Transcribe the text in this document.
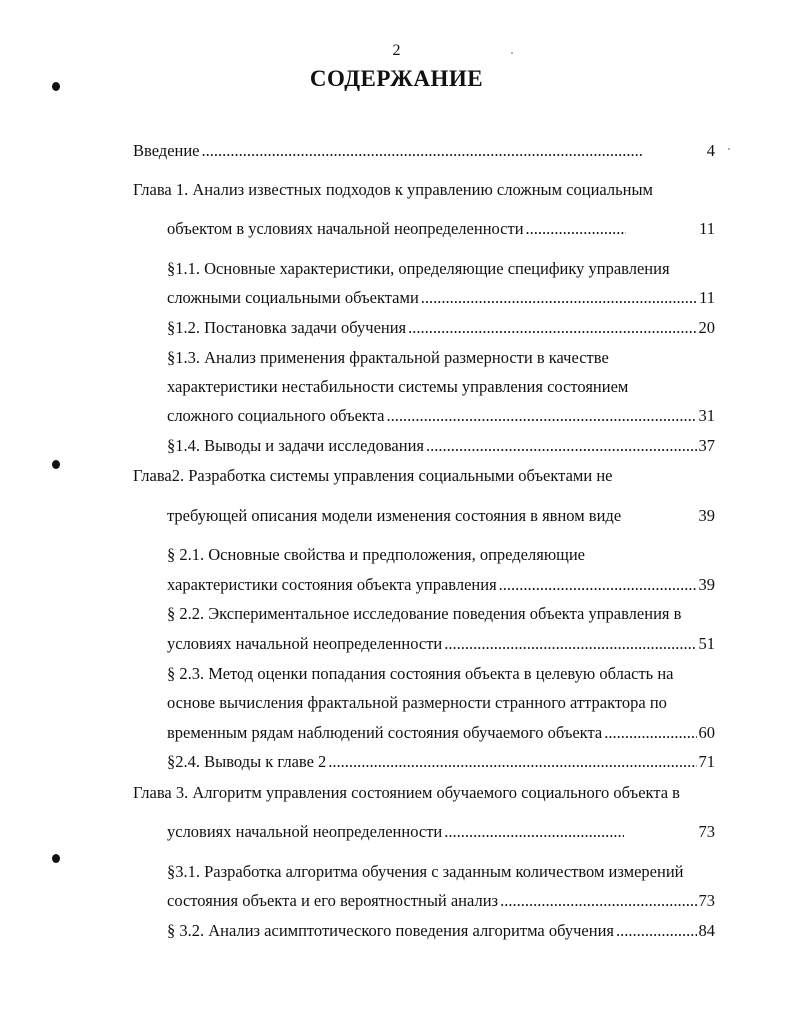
2
СОДЕРЖАНИЕ
Введение .....	4
Глава 1. Анализ известных подходов к управлению сложным социальным
объектом в условиях начальной неопределенности .....	11
§1.1. Основные характеристики, определяющие специфику управления
сложными социальными объектами .....	11
§1.2. Постановка задачи обучения .....	20
§1.3. Анализ применения фрактальной размерности в качестве
характеристики нестабильности системы управления состоянием
сложного социального объекта .....	31
§1.4. Выводы и задачи исследования .....	37
Глава2. Разработка системы управления социальными объектами не
требующей описания модели изменения состояния в явном виде	39
§ 2.1. Основные свойства и предположения, определяющие
характеристики состояния объекта управления .....	39
§ 2.2. Экспериментальное исследование поведения объекта управления в
условиях начальной неопределенности .....	51
§ 2.3. Метод оценки попадания состояния объекта в целевую область на
основе вычисления фрактальной размерности странного аттрактора по
временным рядам наблюдений состояния обучаемого объекта .....	60
§2.4. Выводы к главе 2 .....	71
Глава 3. Алгоритм управления состоянием обучаемого социального объекта в
условиях начальной неопределенности .....	73
§3.1. Разработка алгоритма обучения с заданным количеством измерений
состояния объекта и его вероятностный анализ .....	73
§ 3.2. Анализ асимптотического поведения алгоритма обучения .....	84
